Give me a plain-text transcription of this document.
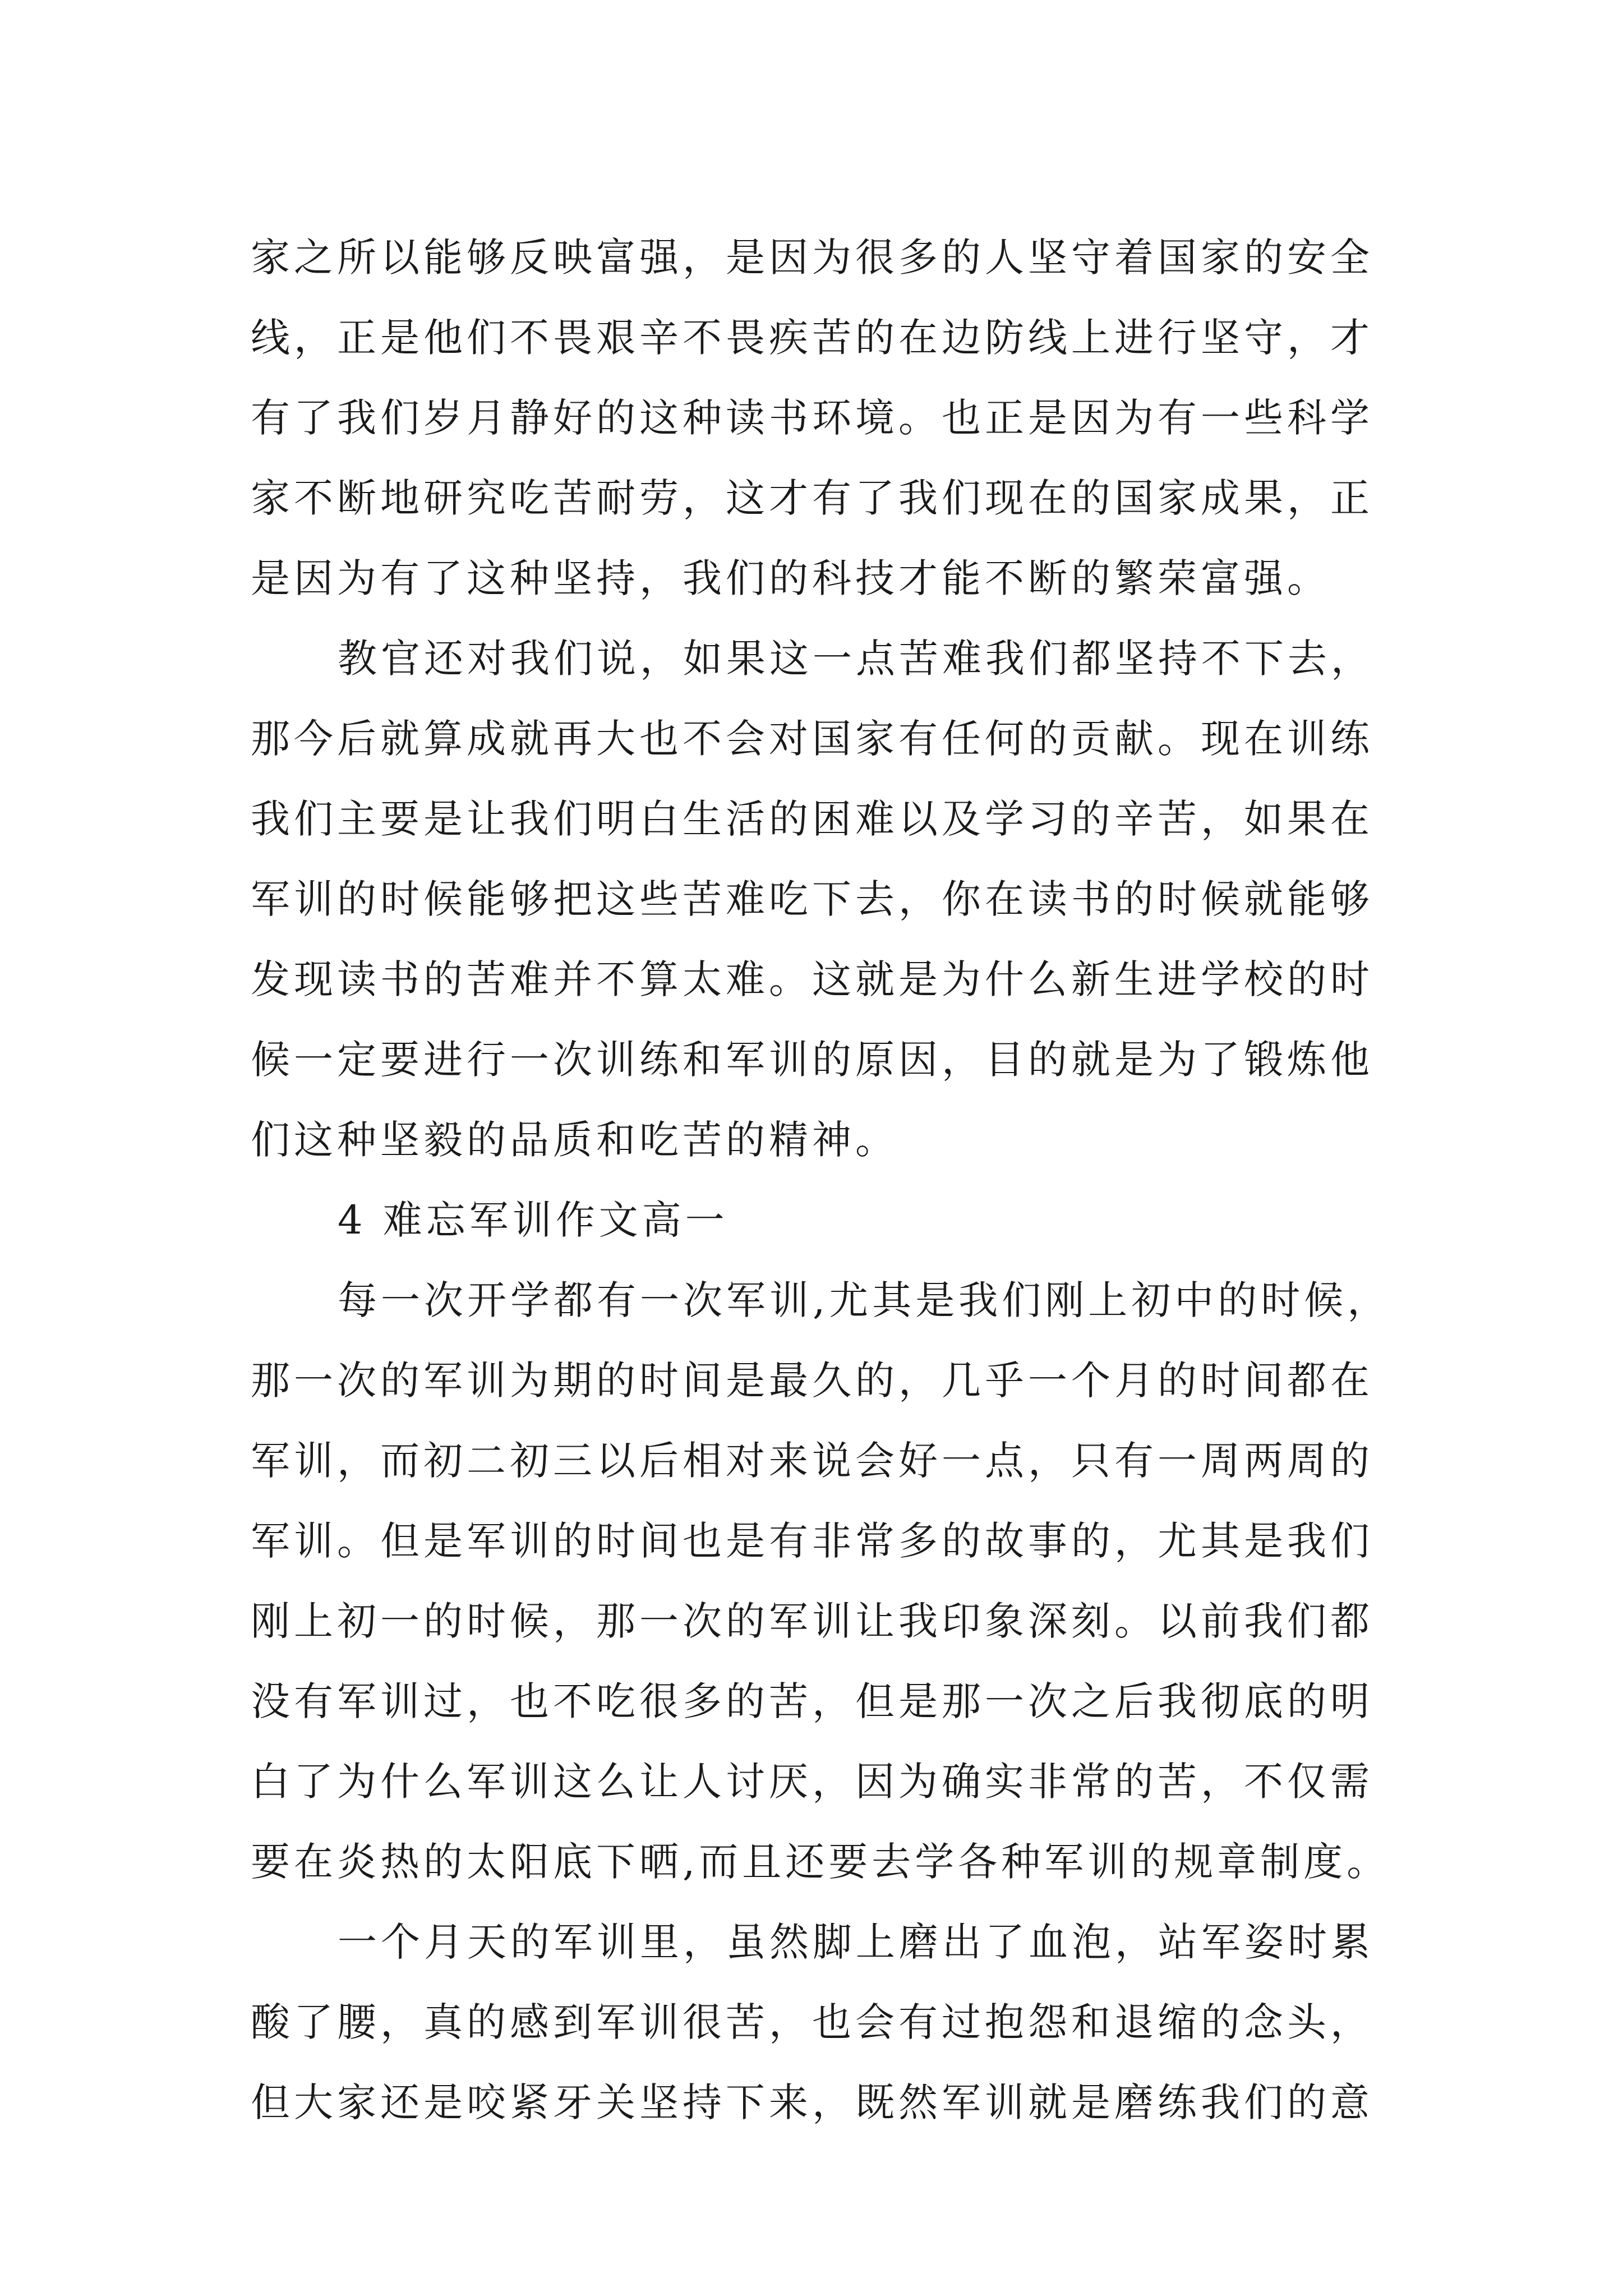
家之所以能够反映富强，是因为很多的人坚守着国家的安全
线，正是他们不畏艰辛不畏疾苦的在边防线上进行坚守，才
有了我们岁月静好的这种读书环境。也正是因为有一些科学
家不断地研究吃苦耐劳，这才有了我们现在的国家成果，正
是因为有了这种坚持，我们的科技才能不断的繁荣富强。
教官还对我们说，如果这一点苦难我们都坚持不下去，
那今后就算成就再大也不会对国家有任何的贡献。现在训练
我们主要是让我们明白生活的困难以及学习的辛苦，如果在
军训的时候能够把这些苦难吃下去，你在读书的时候就能够
发现读书的苦难并不算太难。这就是为什么新生进学校的时
候一定要进行一次训练和军训的原因，目的就是为了锻炼他
们这种坚毅的品质和吃苦的精神。
4 难忘军训作文高一
每一次开学都有一次军训,尤其是我们刚上初中的时候，
那一次的军训为期的时间是最久的，几乎一个月的时间都在
军训，而初二初三以后相对来说会好一点，只有一周两周的
军训。但是军训的时间也是有非常多的故事的，尤其是我们
刚上初一的时候，那一次的军训让我印象深刻。以前我们都
没有军训过，也不吃很多的苦，但是那一次之后我彻底的明
白了为什么军训这么让人讨厌，因为确实非常的苦，不仅需
要在炎热的太阳底下晒,而且还要去学各种军训的规章制度。
一个月天的军训里，虽然脚上磨出了血泡，站军姿时累
酸了腰，真的感到军训很苦，也会有过抱怨和退缩的念头，
但大家还是咬紧牙关坚持下来，既然军训就是磨练我们的意
